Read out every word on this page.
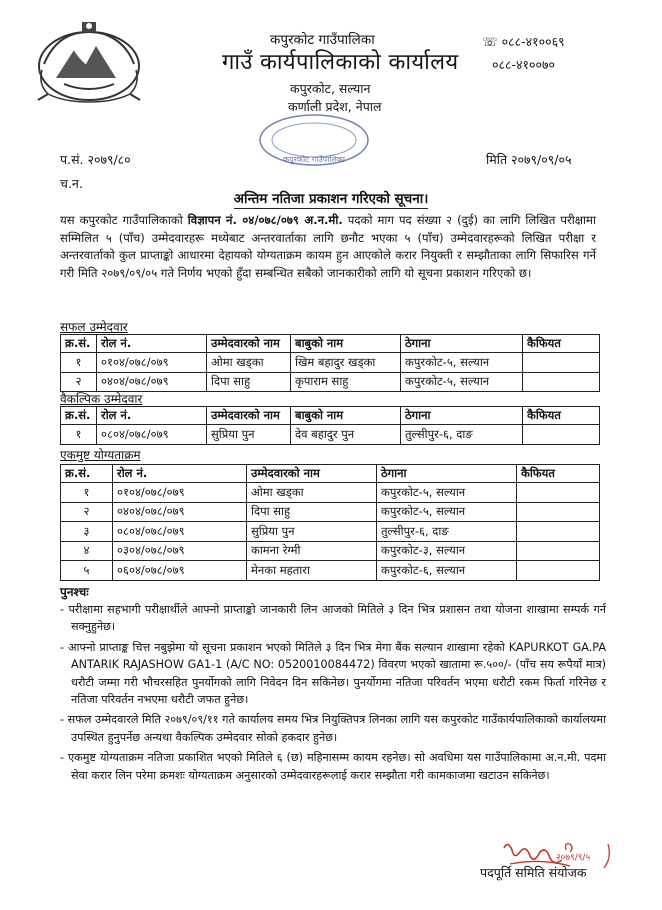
कपुरकोट गाउँपालिका
गाउँ कार्यपालिकाको कार्यालय
कपुरकोट, सल्यान
कर्णाली प्रदेश, नेपाल
☏ ०८८-४१००६९
०८८-४१००७०
कपुरकोट गाउँपालिका
प.सं. २०७९/८०
च.न.
मिति २०७९/०९/०५
अन्तिम नतिजा प्रकाशन गरिएको सूचना।
यस कपुरकोट गाउँपालिकाको विज्ञापन नं. ०४/०७८/०७९ अ.न.मी. पदको माग पद संख्या २ (दुई) का लागि लिखित परीक्षामा सम्मिलित ५ (पाँच) उम्मेदवारहरू मध्येबाट अन्तरवार्ताका लागि छनौट भएका ५ (पाँच) उम्मेदवारहरूको लिखित परीक्षा र अन्तरवार्ताको कुल प्राप्ताङ्को आधारमा देहायको योग्यताक्रम कायम हुन आएकोले करार नियुक्ती र सम्झौताका लागि सिफारिस गर्ने गरी मिति २०७९/०९/०५ गते निर्णय भएको हुँदा सम्बन्धित सबैको जानकारीको लागि यो सूचना प्रकाशन गरिएको छ।
सफल उम्मेदवार
क्र.सं.	रोल नं.	उम्मेदवारको नाम	बाबुको नाम	ठेगाना	कैफियत
१	०१०४/०७८/०७९	ओमा खड्का	खिम बहादुर खड्का	कपुरकोट-५, सल्यान	
२	०४०४/०७८/०७९	दिपा साहु	कृपाराम साहु	कपुरकोट-५, सल्यान	
वैकल्पिक उम्मेदवार
क्र.सं.	रोल नं.	उम्मेदवारको नाम	बाबुको नाम	ठेगाना	कैफियत
१	०८०४/०७८/०७९	सुप्रिया पुन	देव बहादुर पुन	तुल्सीपुर-६, दाङ	
एकमुष्ट योग्यताक्रम
क्र.सं.	रोल नं.	उम्मेदवारको नाम	ठेगाना	कैफियत
१	०१०४/०७८/०७९	ओमा खड्का	कपुरकोट-५, सल्यान	
२	०४०४/०७८/०७९	दिपा साहु	कपुरकोट-५, सल्यान	
३	०८०४/०७८/०७९	सुप्रिया पुन	तुल्सीपुर-६, दाङ	
४	०३०४/०७८/०७९	कामना रेग्मी	कपुरकोट-३, सल्यान	
५	०६०४/०७८/०७९	मेनका महतारा	कपुरकोट-६, सल्यान	
पुनश्चः
- परीक्षामा सहभागी परीक्षार्थीले आफ्नो प्राप्ताङ्को जानकारी लिन आजको मितिले ३ दिन भित्र प्रशासन तथा योजना शाखामा सम्पर्क गर्न सक्नुहुनेछ।
- आफ्नो प्राप्ताङ्क चित्त नबुझेमा यो सूचना प्रकाशन भएको मितिले ३ दिन भित्र मेगा बैंक सल्यान शाखामा रहेको KAPURKOT GA.PA ANTARIK RAJASHOW GA1-1 (A/C NO: 0520010084472) विवरण भएको खातामा रू.५००/- (पाँच सय रूपैयाँ मात्र) धरौटी जम्मा गरी भौचरसहित पुनर्योगको लागि निवेदन दिन सकिनेछ। पुनर्योगमा नतिजा परिवर्तन भएमा धरौटी रकम फिर्ता गरिनेछ र नतिजा परिवर्तन नभएमा धरौटी जफत हुनेछ।
- सफल उम्मेदवारले मिति २०७९/०९/११ गते कार्यालय समय भित्र नियुक्तिपत्र लिनका लागि यस कपुरकोट गाउँकार्यपालिकाको कार्यालयमा उपस्थित हुनुपर्नेछ अन्यथा वैकल्पिक उम्मेदवार सोको हकदार हुनेछ।
- एकमुष्ट योग्यताक्रम नतिजा प्रकाशित भएको मितिले ६ (छ) महिनासम्म कायम रहनेछ। सो अवधिमा यस गाउँपालिकामा अ.न.मी. पदमा सेवा करार लिन परेमा क्रमशः योग्यताक्रम अनुसारको उम्मेदवारहरूलाई करार सम्झौता गरी कामकाजमा खटाउन सकिनेछ।
२०७९/९/५
पदपूर्ति समिति संयोजक
